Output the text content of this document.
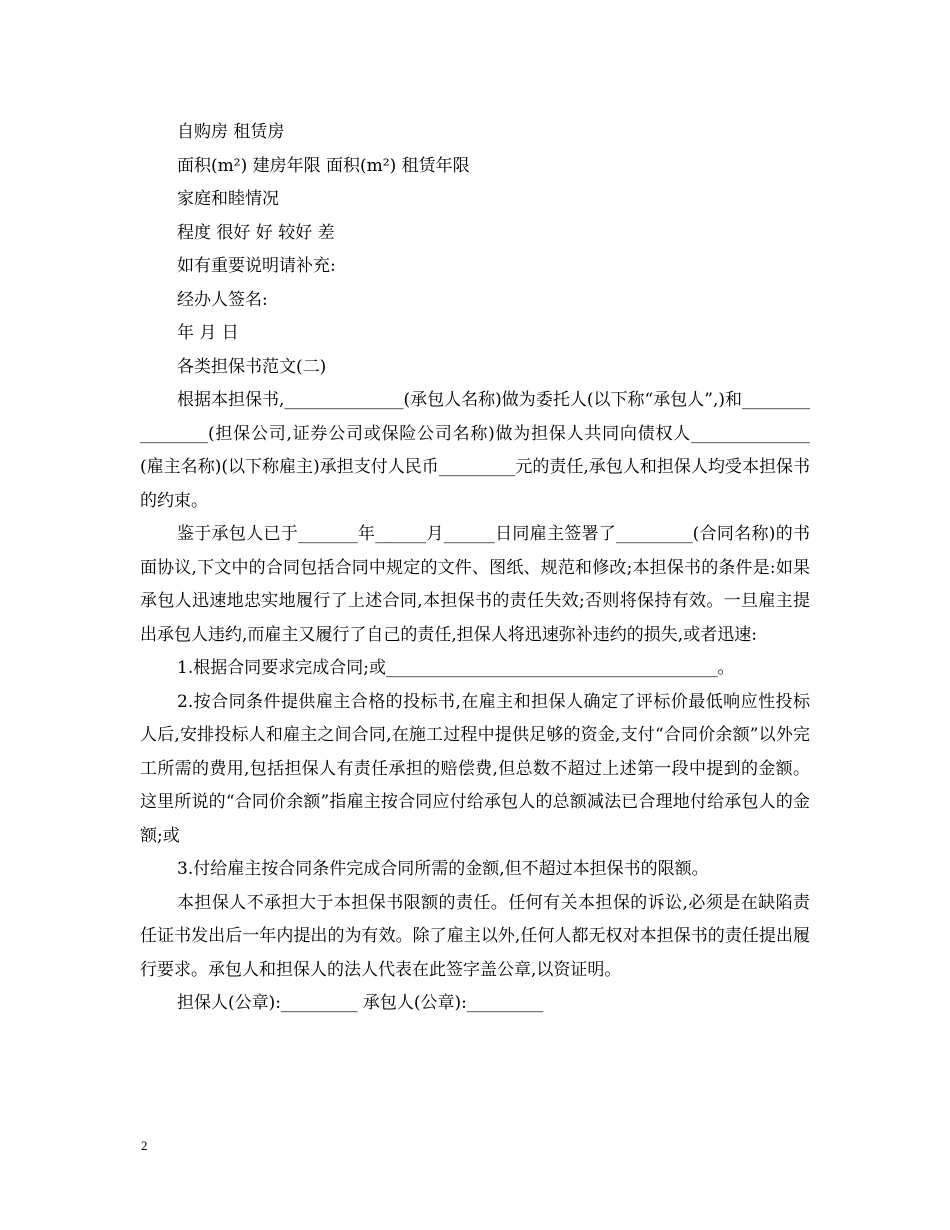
自购房 租赁房

面积(m²) 建房年限 面积(m²) 租赁年限

家庭和睦情况

程度 很好 好 较好 差

如有重要说明请补充:

经办人签名:

年 月 日

各类担保书范文(二)

根据本担保书,______________(承包人名称)做为委托人(以下称“承包人”,)和________________(担保公司,证券公司或保险公司名称)做为担保人共同向债权人______________(雇主名称)(以下称雇主)承担支付人民币_________元的责任,承包人和担保人均受本担保书的约束。

鉴于承包人已于_______年______月______日同雇主签署了_________(合同名称)的书面协议,下文中的合同包括合同中规定的文件、图纸、规范和修改;本担保书的条件是:如果承包人迅速地忠实地履行了上述合同,本担保书的责任失效;否则将保持有效。一旦雇主提出承包人违约,而雇主又履行了自己的责任,担保人将迅速弥补违约的损失,或者迅速:

1.根据合同要求完成合同;或_______________________________________。

2.按合同条件提供雇主合格的投标书,在雇主和担保人确定了评标价最低响应性投标人后,安排投标人和雇主之间合同,在施工过程中提供足够的资金,支付“合同价余额”以外完工所需的费用,包括担保人有责任承担的赔偿费,但总数不超过上述第一段中提到的金额。这里所说的“合同价余额”指雇主按合同应付给承包人的总额减法已合理地付给承包人的金额;或

3.付给雇主按合同条件完成合同所需的金额,但不超过本担保书的限额。

本担保人不承担大于本担保书限额的责任。任何有关本担保的诉讼,必须是在缺陷责任证书发出后一年内提出的为有效。除了雇主以外,任何人都无权对本担保书的责任提出履行要求。承包人和担保人的法人代表在此签字盖公章,以资证明。

担保人(公章):_________ 承包人(公章):_________

2
